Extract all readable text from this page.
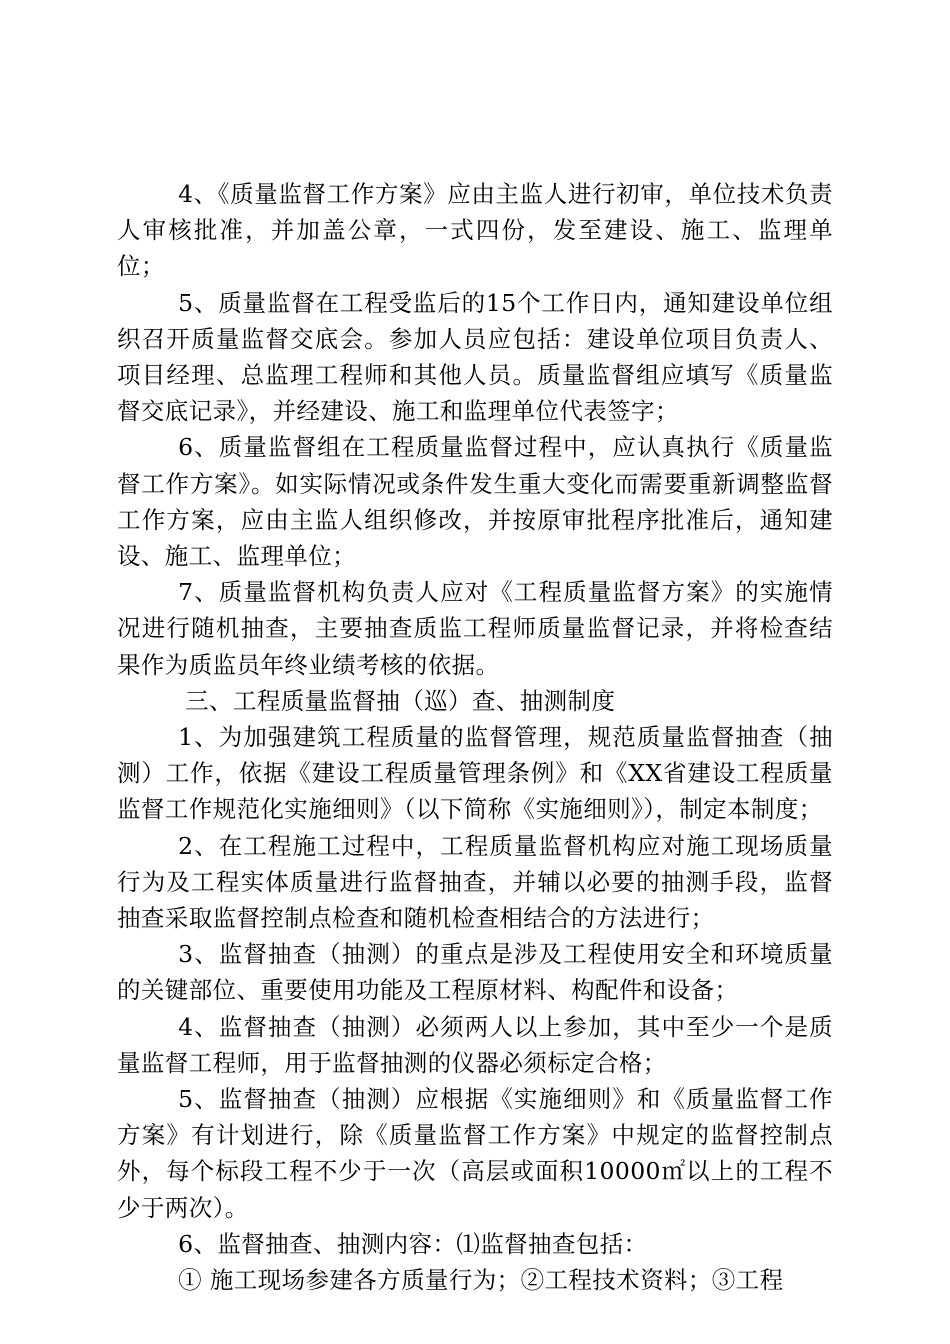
4、《质量监督工作方案》应由主监人进行初审，单位技术负责人审核批准，并加盖公章，一式四份，发至建设、施工、监理单位；

5、质量监督在工程受监后的15个工作日内，通知建设单位组织召开质量监督交底会。参加人员应包括：建设单位项目负责人、项目经理、总监理工程师和其他人员。质量监督组应填写《质量监督交底记录》，并经建设、施工和监理单位代表签字；

6、质量监督组在工程质量监督过程中，应认真执行《质量监督工作方案》。如实际情况或条件发生重大变化而需要重新调整监督工作方案，应由主监人组织修改，并按原审批程序批准后，通知建设、施工、监理单位；

7、质量监督机构负责人应对《工程质量监督方案》的实施情况进行随机抽查，主要抽查质监工程师质量监督记录，并将检查结果作为质监员年终业绩考核的依据。

三、工程质量监督抽（巡）查、抽测制度

1、为加强建筑工程质量的监督管理，规范质量监督抽查（抽测）工作，依据《建设工程质量管理条例》和《XX省建设工程质量监督工作规范化实施细则》（以下简称《实施细则》），制定本制度；

2、在工程施工过程中，工程质量监督机构应对施工现场质量行为及工程实体质量进行监督抽查，并辅以必要的抽测手段，监督抽查采取监督控制点检查和随机检查相结合的方法进行；

3、监督抽查（抽测）的重点是涉及工程使用安全和环境质量的关键部位、重要使用功能及工程原材料、构配件和设备；

4、监督抽查（抽测）必须两人以上参加，其中至少一个是质量监督工程师，用于监督抽测的仪器必须标定合格；

5、监督抽查（抽测）应根据《实施细则》和《质量监督工作方案》有计划进行，除《质量监督工作方案》中规定的监督控制点外，每个标段工程不少于一次（高层或面积10000㎡以上的工程不少于两次）。

6、监督抽查、抽测内容：⑴监督抽查包括：

① 施工现场参建各方质量行为；②工程技术资料；③工程
